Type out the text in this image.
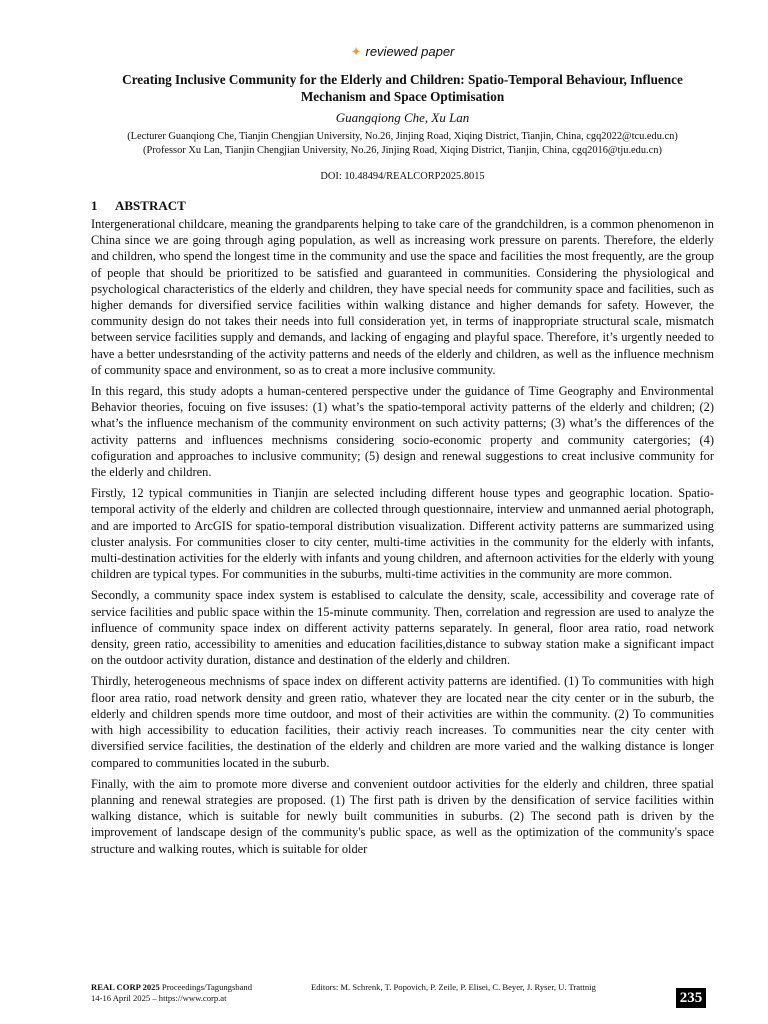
✦ reviewed paper
Creating Inclusive Community for the Elderly and Children: Spatio-Temporal Behaviour, Influence Mechanism and Space Optimisation
Guangqiong Che, Xu Lan
(Lecturer Guanqiong Che, Tianjin Chengjian University, No.26, Jinjing Road, Xiqing District, Tianjin, China, cgq2022@tcu.edu.cn)
(Professor Xu Lan, Tianjin Chengjian University, No.26, Jinjing Road, Xiqing District, Tianjin, China, cgq2016@tju.edu.cn)
DOI: 10.48494/REALCORP2025.8015
1 ABSTRACT

Intergenerational childcare, meaning the grandparents helping to take care of the grandchildren, is a common phenomenon in China since we are going through aging population, as well as increasing work pressure on parents. Therefore, the elderly and children, who spend the longest time in the community and use the space and facilities the most frequently, are the group of people that should be prioritized to be satisfied and guaranteed in communities. Considering the physiological and psychological characteristics of the elderly and children, they have special needs for community space and facilities, such as higher demands for diversified service facilities within walking distance and higher demands for safety. However, the community design do not takes their needs into full consideration yet, in terms of inappropriate structural scale, mismatch between service facilities supply and demands, and lacking of engaging and playful space. Therefore, it’s urgently needed to have a better undesrstanding of the activity patterns and needs of the elderly and children, as well as the influence mechnism of community space and environment, so as to creat a more inclusive community.

In this regard, this study adopts a human-centered perspective under the guidance of Time Geography and Environmental Behavior theories, focuing on five issuses: (1) what’s the spatio-temporal activity patterns of the elderly and children; (2) what’s the influence mechanism of the community environment on such activity patterns; (3) what’s the differences of the activity patterns and influences mechnisms considering socio-economic property and community catergories; (4) cofiguration and approaches to inclusive community; (5) design and renewal suggestions to creat inclusive community for the elderly and children.

Firstly, 12 typical communities in Tianjin are selected including different house types and geographic location. Spatio-temporal activity of the elderly and children are collected through questionnaire, interview and unmanned aerial photograph, and are imported to ArcGIS for spatio-temporal distribution visualization. Different activity patterns are summarized using cluster analysis. For communities closer to city center, multi-time activities in the community for the elderly with infants, multi-destination activities for the elderly with infants and young children, and afternoon activities for the elderly with young children are typical types. For communities in the suburbs, multi-time activities in the community are more common.

Secondly, a community space index system is establised to calculate the density, scale, accessibility and coverage rate of service facilities and public space within the 15-minute community. Then, correlation and regression are used to analyze the influence of community space index on different activity patterns separately. In general, floor area ratio, road network density, green ratio, accessibility to amenities and education facilities,distance to subway station make a significant impact on the outdoor activity duration, distance and destination of the elderly and children.

Thirdly, heterogeneous mechnisms of space index on different activity patterns are identified. (1) To communities with high floor area ratio, road network density and green ratio, whatever they are located near the city center or in the suburb, the elderly and children spends more time outdoor, and most of their activities are within the community. (2) To communities with high accessibility to education facilities, their activiy reach increases. To communities near the city center with diversified service facilities, the destination of the elderly and children are more varied and the walking distance is longer compared to communities located in the suburb.

Finally, with the aim to promote more diverse and convenient outdoor activities for the elderly and children, three spatial planning and renewal strategies are proposed. (1) The first path is driven by the densification of service facilities within walking distance, which is suitable for newly built communities in suburbs. (2) The second path is driven by the improvement of landscape design of the community's public space, as well as the optimization of the community's space structure and walking routes, which is suitable for older

REAL CORP 2025 Proceedings/Tagungsband
14-16 April 2025 – https://www.corp.at
Editors: M. Schrenk, T. Popovich, P. Zeile, P. Elisei, C. Beyer, J. Ryser, U. Trattnig
235
